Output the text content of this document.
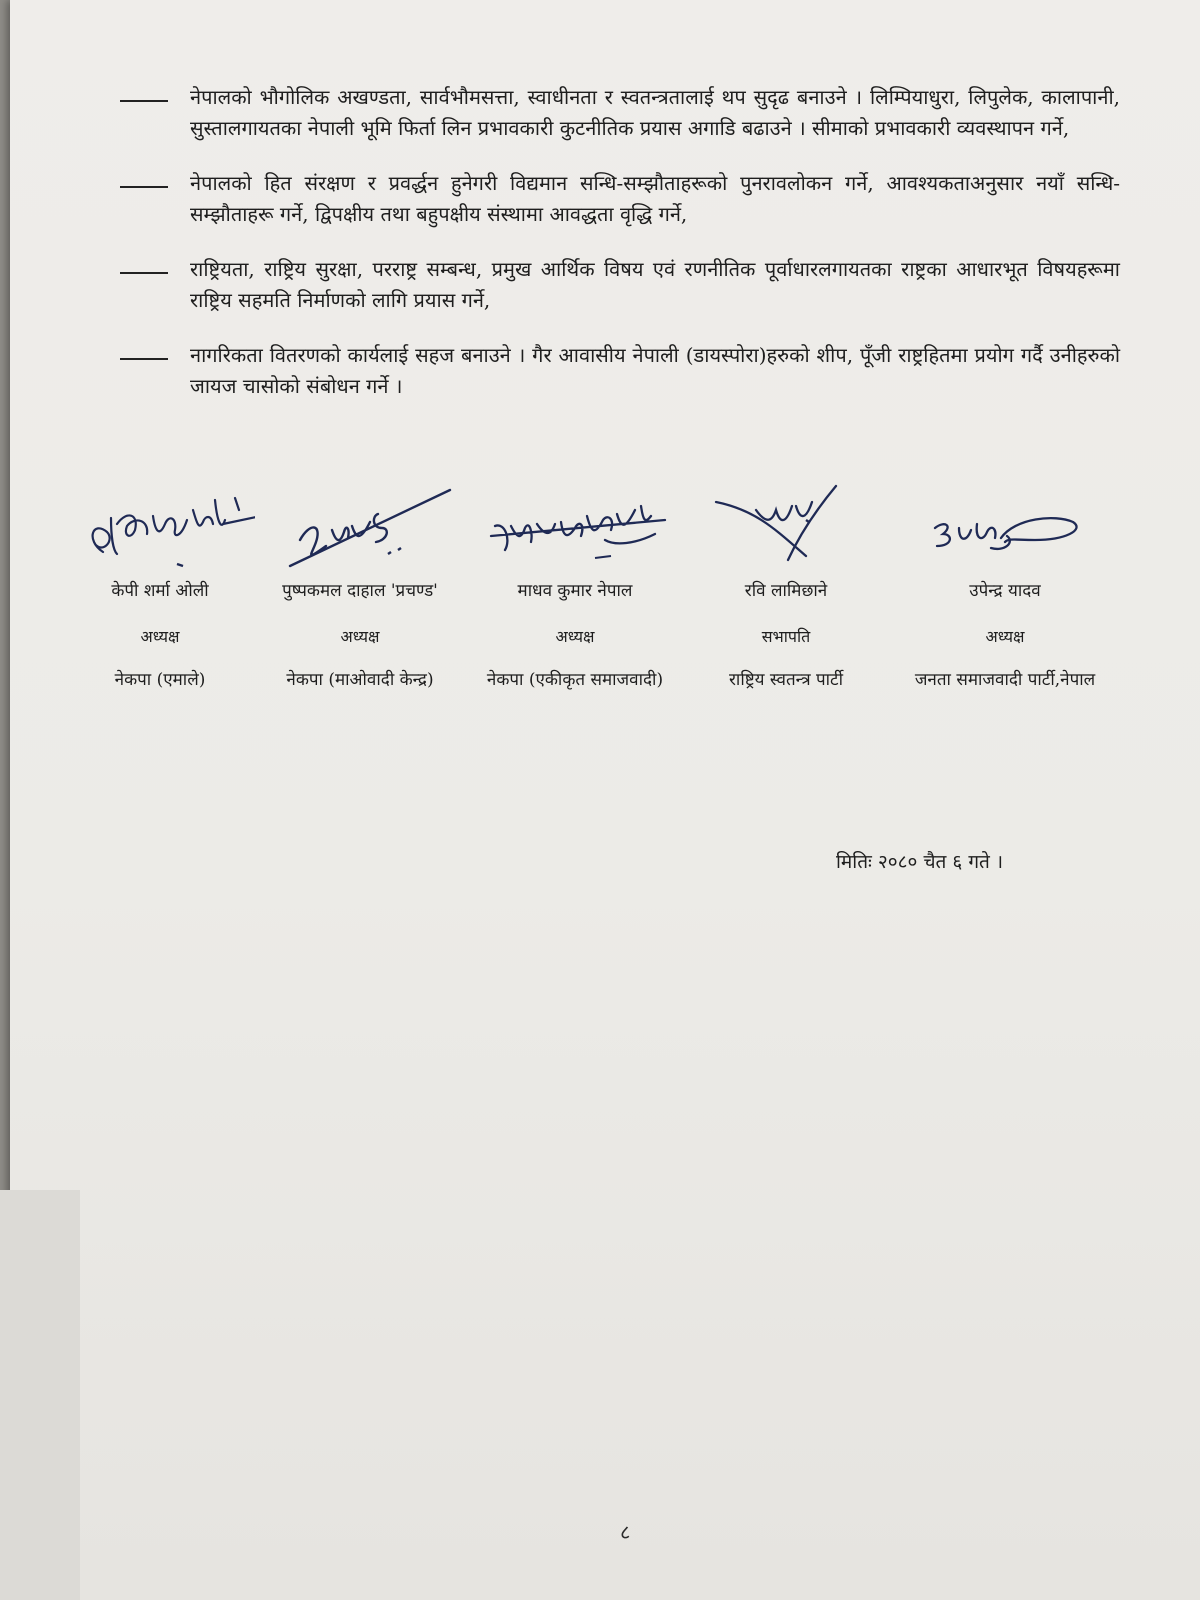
नेपालको भौगोलिक अखण्डता, सार्वभौमसत्ता, स्वाधीनता र स्वतन्त्रतालाई थप सुदृढ बनाउने । लिम्पियाधुरा, लिपुलेक, कालापानी, सुस्तालगायतका नेपाली भूमि फिर्ता लिन प्रभावकारी कुटनीतिक प्रयास अगाडि बढाउने । सीमाको प्रभावकारी व्यवस्थापन गर्ने,
नेपालको हित संरक्षण र प्रवर्द्धन हुनेगरी विद्यमान सन्धि-सम्झौताहरूको पुनरावलोकन गर्ने, आवश्यकताअनुसार नयाँ सन्धि-सम्झौताहरू गर्ने, द्विपक्षीय तथा बहुपक्षीय संस्थामा आवद्धता वृद्धि गर्ने,
राष्ट्रियता, राष्ट्रिय सुरक्षा, परराष्ट्र सम्बन्ध, प्रमुख आर्थिक विषय एवं रणनीतिक पूर्वाधारलगायतका राष्ट्रका आधारभूत विषयहरूमा राष्ट्रिय सहमति निर्माणको लागि प्रयास गर्ने,
नागरिकता वितरणको कार्यलाई सहज बनाउने । गैर आवासीय नेपाली (डायस्पोरा)हरुको शीप, पूँजी राष्ट्रहितमा प्रयोग गर्दै उनीहरुको जायज चासोको संबोधन गर्ने ।
केपी शर्मा ओली
अध्यक्ष
नेकपा (एमाले)
पुष्पकमल दाहाल 'प्रचण्ड'
अध्यक्ष
नेकपा (माओवादी केन्द्र)
माधव कुमार नेपाल
अध्यक्ष
नेकपा (एकीकृत समाजवादी)
रवि लामिछाने
सभापति
राष्ट्रिय स्वतन्त्र पार्टी
उपेन्द्र यादव
अध्यक्ष
जनता समाजवादी पार्टी,नेपाल
मितिः २०८० चैत ६ गते ।
८
